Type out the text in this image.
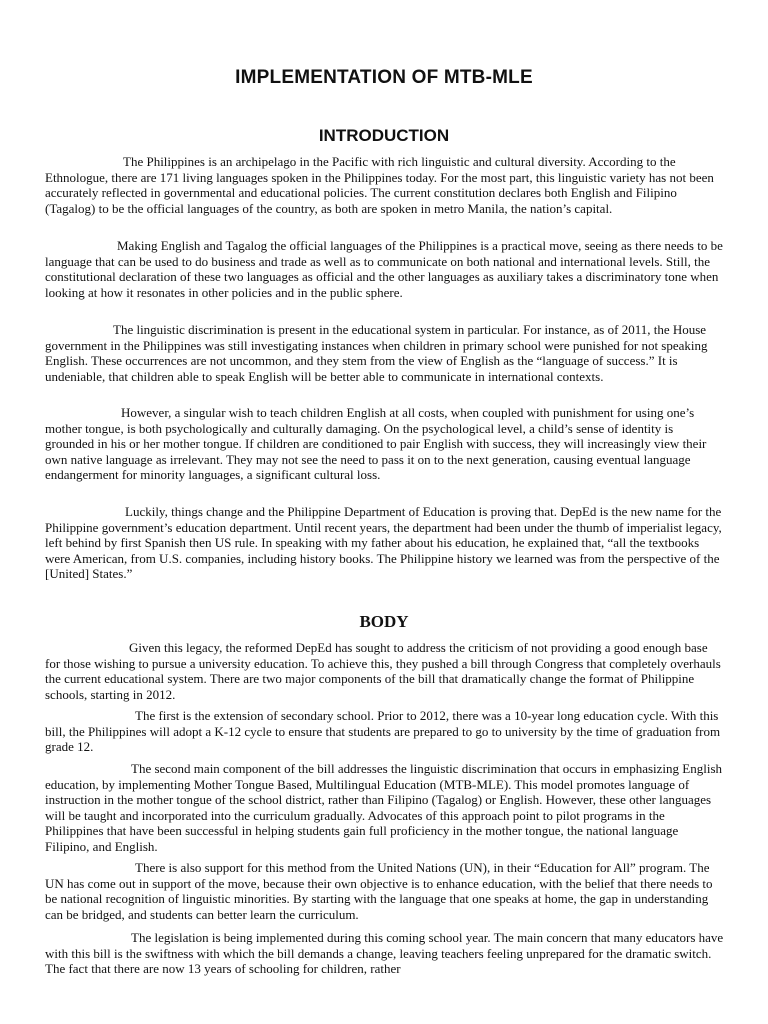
IMPLEMENTATION OF MTB-MLE
INTRODUCTION

The Philippines is an archipelago in the Pacific with rich linguistic and cultural diversity. According to the Ethnologue, there are 171 living languages spoken in the Philippines today. For the most part, this linguistic variety has not been accurately reflected in governmental and educational policies. The current constitution declares both English and Filipino (Tagalog) to be the official languages of the country, as both are spoken in metro Manila, the nation’s capital.

Making English and Tagalog the official languages of the Philippines is a practical move, seeing as there needs to be language that can be used to do business and trade as well as to communicate on both national and international levels. Still, the constitutional declaration of these two languages as official and the other languages as auxiliary takes a discriminatory tone when looking at how it resonates in other policies and in the public sphere.

The linguistic discrimination is present in the educational system in particular. For instance, as of 2011, the House government in the Philippines was still investigating instances when children in primary school were punished for not speaking English. These occurrences are not uncommon, and they stem from the view of English as the “language of success.” It is undeniable, that children able to speak English will be better able to communicate in international contexts.

However, a singular wish to teach children English at all costs, when coupled with punishment for using one’s mother tongue, is both psychologically and culturally damaging. On the psychological level, a child’s sense of identity is grounded in his or her mother tongue. If children are conditioned to pair English with success, they will increasingly view their own native language as irrelevant. They may not see the need to pass it on to the next generation, causing eventual language endangerment for minority languages, a significant cultural loss.

Luckily, things change and the Philippine Department of Education is proving that. DepEd is the new name for the Philippine government’s education department. Until recent years, the department had been under the thumb of imperialist legacy, left behind by first Spanish then US rule. In speaking with my father about his education, he explained that, “all the textbooks were American, from U.S. companies, including history books. The Philippine history we learned was from the perspective of the [United] States.”

BODY

Given this legacy, the reformed DepEd has sought to address the criticism of not providing a good enough base for those wishing to pursue a university education. To achieve this, they pushed a bill through Congress that completely overhauls the current educational system. There are two major components of the bill that dramatically change the format of Philippine schools, starting in 2012.

The first is the extension of secondary school. Prior to 2012, there was a 10-year long education cycle. With this bill, the Philippines will adopt a K-12 cycle to ensure that students are prepared to go to university by the time of graduation from grade 12.

The second main component of the bill addresses the linguistic discrimination that occurs in emphasizing English education, by implementing Mother Tongue Based, Multilingual Education (MTB-MLE). This model promotes language of instruction in the mother tongue of the school district, rather than Filipino (Tagalog) or English. However, these other languages will be taught and incorporated into the curriculum gradually. Advocates of this approach point to pilot programs in the Philippines that have been successful in helping students gain full proficiency in the mother tongue, the national language Filipino, and English.

There is also support for this method from the United Nations (UN), in their “Education for All” program. The UN has come out in support of the move, because their own objective is to enhance education, with the belief that there needs to be national recognition of linguistic minorities. By starting with the language that one speaks at home, the gap in understanding can be bridged, and students can better learn the curriculum.

The legislation is being implemented during this coming school year. The main concern that many educators have with this bill is the swiftness with which the bill demands a change, leaving teachers feeling unprepared for the dramatic switch. The fact that there are now 13 years of schooling for children, rather
